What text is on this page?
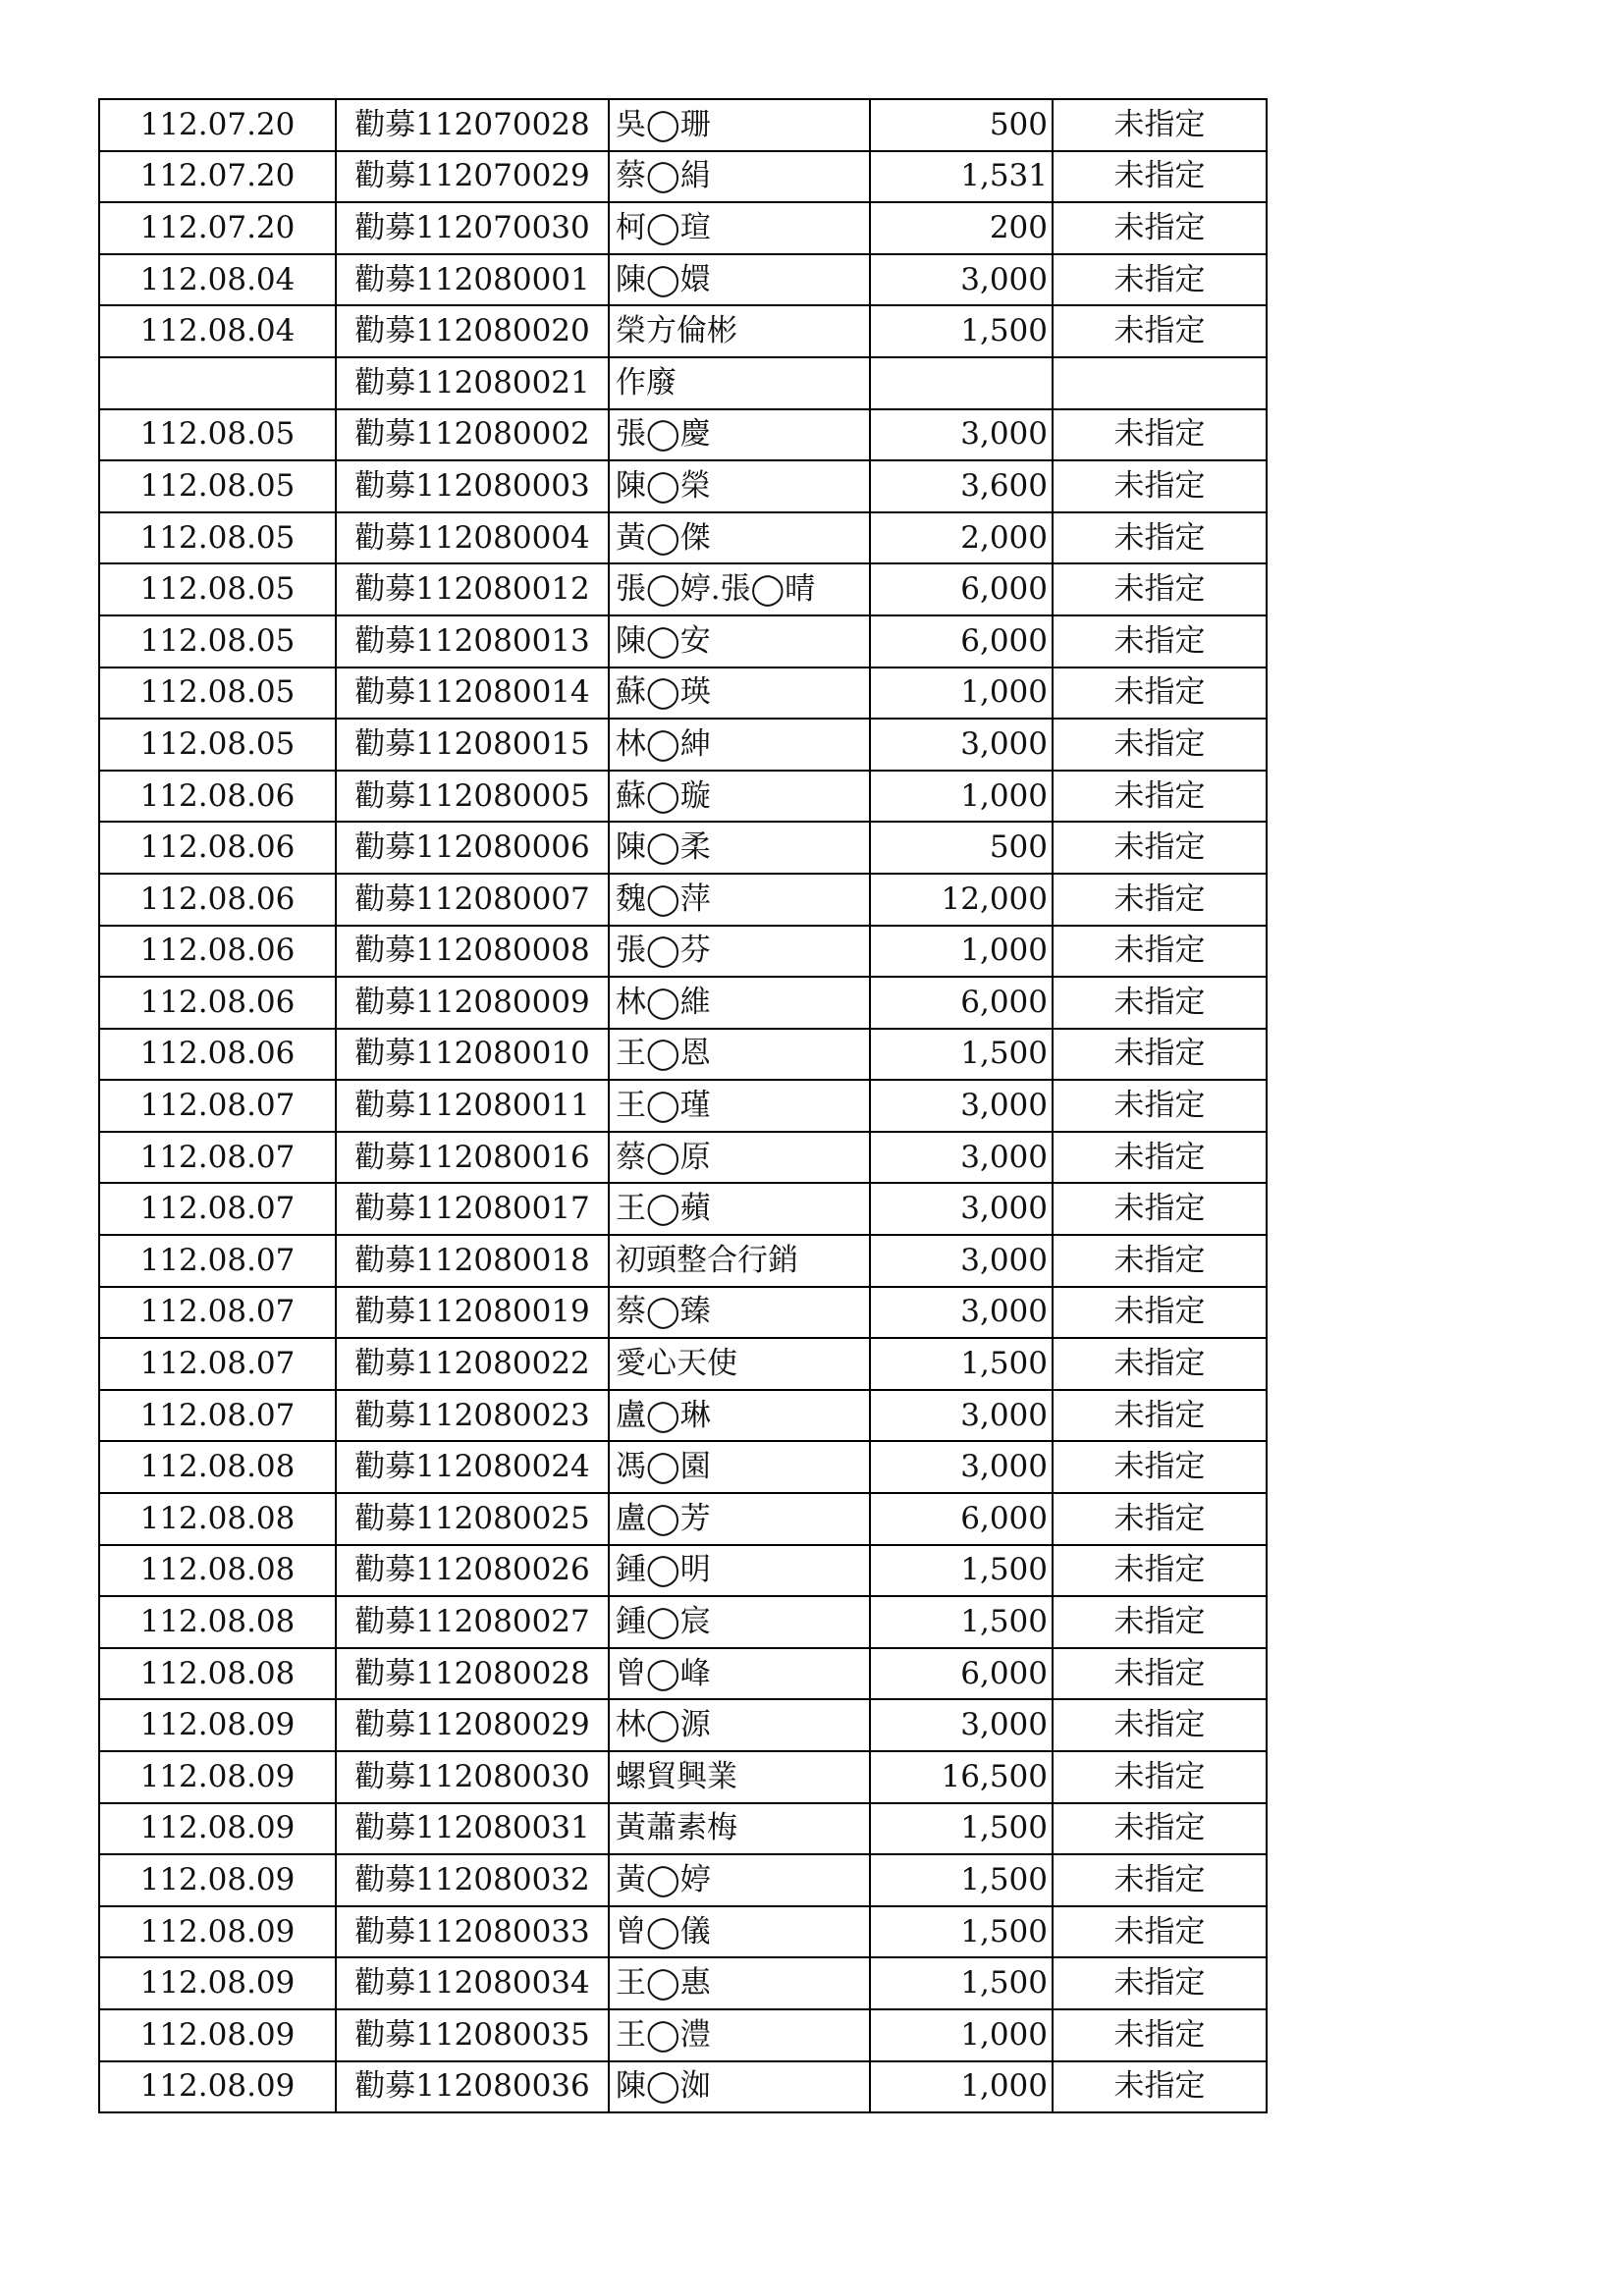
112.07.20	勸募112070028	吳◯珊	500	未指定
112.07.20	勸募112070029	蔡◯絹	1,531	未指定
112.07.20	勸募112070030	柯◯瑄	200	未指定
112.08.04	勸募112080001	陳◯嬛	3,000	未指定
112.08.04	勸募112080020	榮方倫彬	1,500	未指定
	勸募112080021	作廢		
112.08.05	勸募112080002	張◯慶	3,000	未指定
112.08.05	勸募112080003	陳◯榮	3,600	未指定
112.08.05	勸募112080004	黃◯傑	2,000	未指定
112.08.05	勸募112080012	張◯婷.張◯晴	6,000	未指定
112.08.05	勸募112080013	陳◯安	6,000	未指定
112.08.05	勸募112080014	蘇◯瑛	1,000	未指定
112.08.05	勸募112080015	林◯紳	3,000	未指定
112.08.06	勸募112080005	蘇◯璇	1,000	未指定
112.08.06	勸募112080006	陳◯柔	500	未指定
112.08.06	勸募112080007	魏◯萍	12,000	未指定
112.08.06	勸募112080008	張◯芬	1,000	未指定
112.08.06	勸募112080009	林◯維	6,000	未指定
112.08.06	勸募112080010	王◯恩	1,500	未指定
112.08.07	勸募112080011	王◯瑾	3,000	未指定
112.08.07	勸募112080016	蔡◯原	3,000	未指定
112.08.07	勸募112080017	王◯蘋	3,000	未指定
112.08.07	勸募112080018	初頭整合行銷	3,000	未指定
112.08.07	勸募112080019	蔡◯臻	3,000	未指定
112.08.07	勸募112080022	愛心天使	1,500	未指定
112.08.07	勸募112080023	盧◯琳	3,000	未指定
112.08.08	勸募112080024	馮◯園	3,000	未指定
112.08.08	勸募112080025	盧◯芳	6,000	未指定
112.08.08	勸募112080026	鍾◯明	1,500	未指定
112.08.08	勸募112080027	鍾◯宸	1,500	未指定
112.08.08	勸募112080028	曾◯峰	6,000	未指定
112.08.09	勸募112080029	林◯源	3,000	未指定
112.08.09	勸募112080030	螺貿興業	16,500	未指定
112.08.09	勸募112080031	黃蕭素梅	1,500	未指定
112.08.09	勸募112080032	黃◯婷	1,500	未指定
112.08.09	勸募112080033	曾◯儀	1,500	未指定
112.08.09	勸募112080034	王◯惠	1,500	未指定
112.08.09	勸募112080035	王◯澧	1,000	未指定
112.08.09	勸募112080036	陳◯洳	1,000	未指定
